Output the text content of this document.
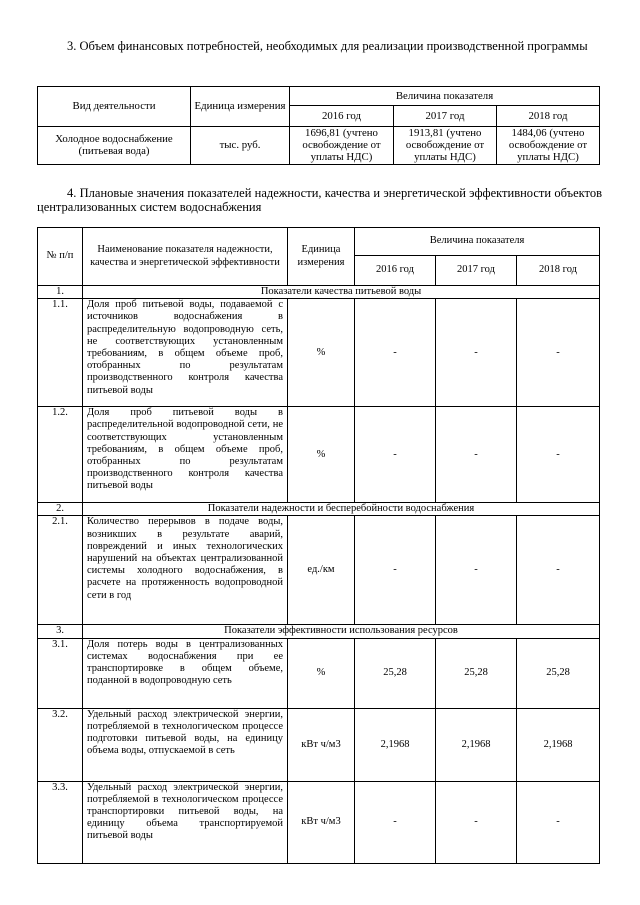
3. Объем финансовых потребностей, необходимых для реализации производственной программы

Вид деятельности	Единица измерения	Величина показателя		
		2016 год	2017 год	2018 год
Холодное водоснабжение (питьевая вода)	тыс. руб.	1696,81 (учтено освобождение от уплаты НДС)	1913,81 (учтено освобождение от уплаты НДС)	1484,06 (учтено освобождение от уплаты НДС)

4. Плановые значения показателей надежности, качества и энергетической эффективности объектов централизованных систем водоснабжения

№ п/п	Наименование показателя надежности, качества и энергетической эффективности	Единица измерения	Величина показателя		
			2016 год	2017 год	2018 год
1.	Показатели качества питьевой воды				
1.1.	Доля проб питьевой воды, подаваемой с источников водоснабжения в распределительную водопроводную сеть, не соответствующих установленным требованиям, в общем объеме проб, отобранных по результатам производственного контроля качества питьевой воды	%	-	-	-
1.2.	Доля проб питьевой воды в распределительной водопроводной сети, не соответствующих установленным требованиям, в общем объеме проб, отобранных по результатам производственного контроля качества питьевой воды	%	-	-	-
2.	Показатели надежности и бесперебойности водоснабжения				
2.1.	Количество перерывов в подаче воды, возникших в результате аварий, повреждений и иных технологических нарушений на объектах централизованной системы холодного водоснабжения, в расчете на протяженность водопроводной сети в год	ед./км	-	-	-
3.	Показатели эффективности использования ресурсов				
3.1.	Доля потерь воды в централизованных системах водоснабжения при ее транспортировке в общем объеме, поданной в водопроводную сеть	%	25,28	25,28	25,28
3.2.	Удельный расход электрической энергии, потребляемой в технологическом процессе подготовки питьевой воды, на единицу объема воды, отпускаемой в сеть	кВт ч/м3	2,1968	2,1968	2,1968
3.3.	Удельный расход электрической энергии, потребляемой в технологическом процессе транспортировки питьевой воды, на единицу объема транспортируемой питьевой воды	кВт ч/м3	-	-	-
